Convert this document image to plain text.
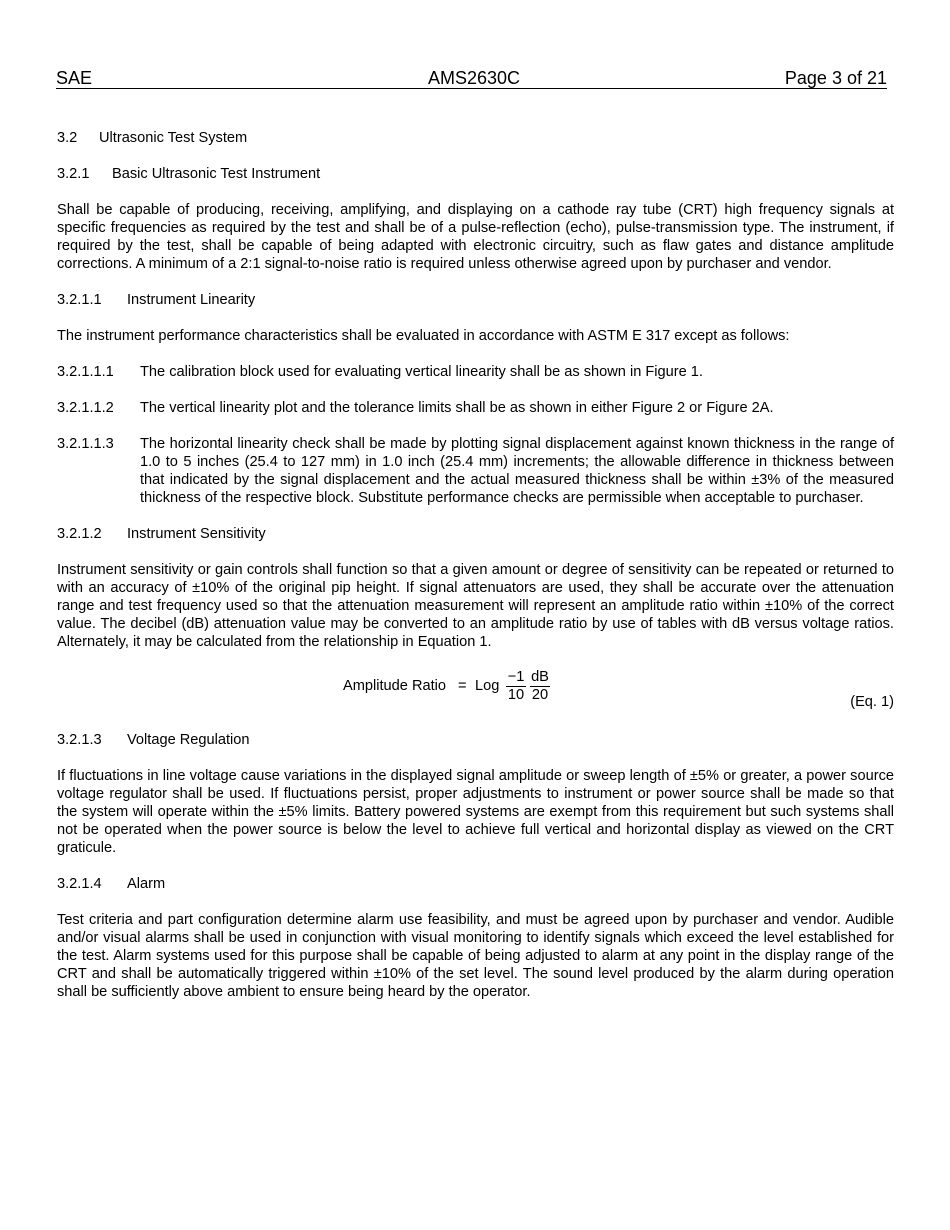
SAE	AMS2630C	Page 3 of 21
3.2	Ultrasonic Test System
3.2.1	Basic Ultrasonic Test Instrument
Shall be capable of producing, receiving, amplifying, and displaying on a cathode ray tube (CRT) high frequency signals at specific frequencies as required by the test and shall be of a pulse-reflection (echo), pulse-transmission type. The instrument, if required by the test, shall be capable of being adapted with electronic circuitry, such as flaw gates and distance amplitude corrections. A minimum of a 2:1 signal-to-noise ratio is required unless otherwise agreed upon by purchaser and vendor.
3.2.1.1	Instrument Linearity
The instrument performance characteristics shall be evaluated in accordance with ASTM E 317 except as follows:
3.2.1.1.1	The calibration block used for evaluating vertical linearity shall be as shown in Figure 1.
3.2.1.1.2	The vertical linearity plot and the tolerance limits shall be as shown in either Figure 2 or Figure 2A.
3.2.1.1.3	The horizontal linearity check shall be made by plotting signal displacement against known thickness in the range of 1.0 to 5 inches (25.4 to 127 mm) in 1.0 inch (25.4 mm) increments; the allowable difference in thickness between that indicated by the signal displacement and the actual measured thickness shall be within ±3% of the measured thickness of the respective block. Substitute performance checks are permissible when acceptable to purchaser.
3.2.1.2	Instrument Sensitivity
Instrument sensitivity or gain controls shall function so that a given amount or degree of sensitivity can be repeated or returned to with an accuracy of ±10% of the original pip height. If signal attenuators are used, they shall be accurate over the attenuation range and test frequency used so that the attenuation measurement will represent an amplitude ratio within ±10% of the correct value. The decibel (dB) attenuation value may be converted to an amplitude ratio by use of tables with dB versus voltage ratios. Alternately, it may be calculated from the relationship in Equation 1.
Amplitude Ratio = Log $\frac{-1}{10} \frac{dB}{20}$	(Eq. 1)
3.2.1.3	Voltage Regulation
If fluctuations in line voltage cause variations in the displayed signal amplitude or sweep length of ±5% or greater, a power source voltage regulator shall be used. If fluctuations persist, proper adjustments to instrument or power source shall be made so that the system will operate within the ±5% limits. Battery powered systems are exempt from this requirement but such systems shall not be operated when the power source is below the level to achieve full vertical and horizontal display as viewed on the CRT graticule.
3.2.1.4	Alarm
Test criteria and part configuration determine alarm use feasibility, and must be agreed upon by purchaser and vendor. Audible and/or visual alarms shall be used in conjunction with visual monitoring to identify signals which exceed the level established for the test. Alarm systems used for this purpose shall be capable of being adjusted to alarm at any point in the display range of the CRT and shall be automatically triggered within ±10% of the set level. The sound level produced by the alarm during operation shall be sufficiently above ambient to ensure being heard by the operator.
